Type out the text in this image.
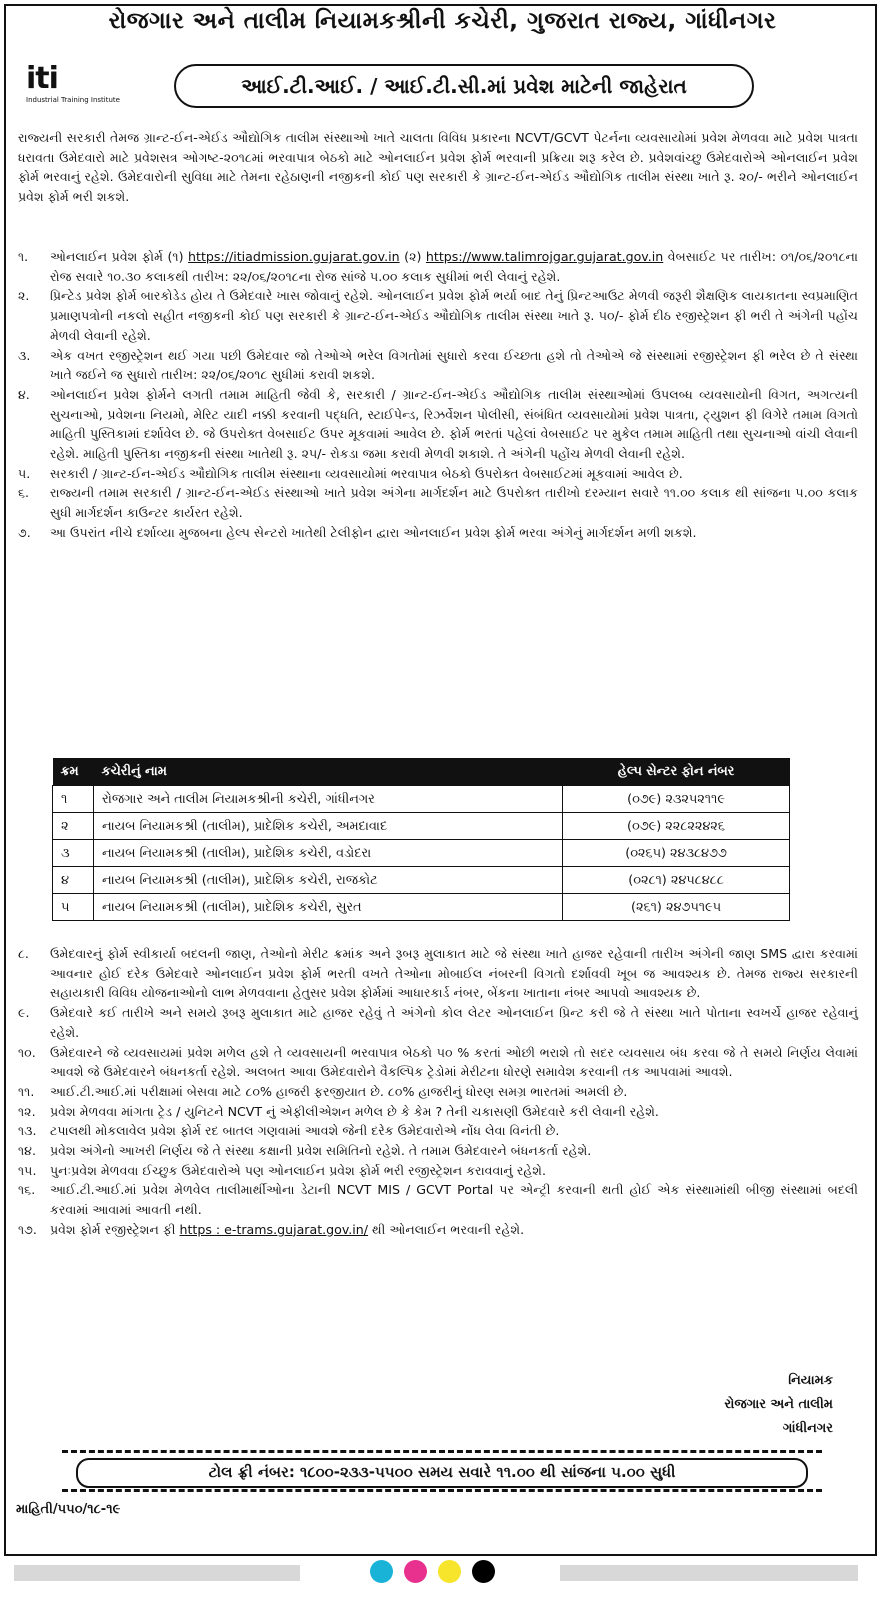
રોજગાર અને તાલીમ નિયામકશ્રીની કચેરી, ગુજરાત રાજ્ય, ગાંધીનગર
iti
Industrial Training Institute
આઈ.ટી.આઈ. / આઈ.ટી.સી.માં પ્રવેશ માટેની જાહેરાત
રાજ્યની સરકારી તેમજ ગ્રાન્ટ-ઈન-એઈડ ઔદ્યોગિક તાલીમ સંસ્થાઓ ખાતે ચાલતા વિવિધ પ્રકારના NCVT/GCVT પેટર્નના વ્યવસાયોમાં પ્રવેશ મેળવવા માટે પ્રવેશ પાત્રતા ધરાવતા ઉમેદવારો માટે પ્રવેશસત્ર ઓગષ્ટ-૨૦૧૮માં ભરવાપાત્ર બેઠકો માટે ઓનલાઈન પ્રવેશ ફોર્મ ભરવાની પ્રક્રિયા શરૂ કરેલ છે. પ્રવેશવાંચ્છુ ઉમેદવારોએ ઓનલાઈન પ્રવેશ ફોર્મ ભરવાનું રહેશે. ઉમેદવારોની સુવિધા માટે તેમના રહેઠાણની નજીકની કોઈ પણ સરકારી કે ગ્રાન્ટ-ઈન-એઈડ ઔદ્યોગિક તાલીમ સંસ્થા ખાતે રૂ. ૨૦/- ભરીને ઓનલાઈન પ્રવેશ ફોર્મ ભરી શકશે.
૧.	ઓનલાઈન પ્રવેશ ફોર્મ (૧) https://itiadmission.gujarat.gov.in (૨) https://www.talimrojgar.gujarat.gov.in વેબસાઈટ પર તારીખ: ૦૧/૦૬/૨૦૧૮ના રોજ સવારે ૧૦.૩૦ કલાકથી તારીખ: ૨૨/૦૬/૨૦૧૮ના રોજ સાંજે ૫.૦૦ કલાક સુધીમાં ભરી લેવાનું રહેશે.
૨.	પ્રિન્ટેડ પ્રવેશ ફોર્મ બારકોડેડ હોય તે ઉમેદવારે ખાસ જોવાનું રહેશે. ઓનલાઈન પ્રવેશ ફોર્મ ભર્યા બાદ તેનું પ્રિન્ટઆઉટ મેળવી જરૂરી શૈક્ષણિક લાયકાતના સ્વપ્રમાણિત પ્રમાણપત્રોની નકલો સહીત નજીકની કોઈ પણ સરકારી કે ગ્રાન્ટ-ઈન-એઈડ ઔદ્યોગિક તાલીમ સંસ્થા ખાતે રૂ. ૫૦/- ફોર્મ દીઠ રજીસ્ટ્રેશન ફી ભરી તે અંગેની પહોંચ મેળવી લેવાની રહેશે.
૩.	એક વખત રજીસ્ટ્રેશન થઈ ગયા પછી ઉમેદવાર જો તેઓએ ભરેલ વિગતોમાં સુધારો કરવા ઈચ્છતા હશે તો તેઓએ જે સંસ્થામાં રજીસ્ટ્રેશન ફી ભરેલ છે તે સંસ્થા ખાતે જઈને જ સુધારો તારીખ: ૨૨/૦૬/૨૦૧૮ સુધીમાં કરાવી શકશે.
૪.	ઓનલાઈન પ્રવેશ ફોર્મને લગતી તમામ માહિતી જેવી કે, સરકારી / ગ્રાન્ટ-ઈન-એઈડ ઔદ્યોગિક તાલીમ સંસ્થાઓમાં ઉપલબ્ધ વ્યવસાયોની વિગત, અગત્યની સુચનાઓ, પ્રવેશના નિયમો, મેરિટ યાદી નક્કી કરવાની પદ્ધતિ, સ્ટાઈપેન્ડ, રિઝર્વેશન પોલીસી, સંબંધિત વ્યવસાયોમાં પ્રવેશ પાત્રતા, ટ્યુશન ફી વિગેરે તમામ વિગતો માહિતી પુસ્તિકામાં દર્શાવેલ છે. જે ઉપરોક્ત વેબસાઈટ ઉપર મૂકવામાં આવેલ છે. ફોર્મ ભરતાં પહેલાં વેબસાઈટ પર મુકેલ તમામ માહિતી તથા સુચનાઓ વાંચી લેવાની રહેશે. માહિતી પુસ્તિકા નજીકની સંસ્થા ખાતેથી રૂ. ૨૫/- રોકડા જમા કરાવી મેળવી શકાશે. તે અંગેની પહોંચ મેળવી લેવાની રહેશે.
૫.	સરકારી / ગ્રાન્ટ-ઈન-એઈડ ઔદ્યોગિક તાલીમ સંસ્થાના વ્યવસાયોમાં ભરવાપાત્ર બેઠકો ઉપરોક્ત વેબસાઈટમાં મૂકવામાં આવેલ છે.
૬.	રાજ્યની તમામ સરકારી / ગ્રાન્ટ-ઈન-એઈડ સંસ્થાઓ ખાતે પ્રવેશ અંગેના માર્ગદર્શન માટે ઉપરોક્ત તારીખો દરમ્યાન સવારે ૧૧.૦૦ કલાક થી સાંજના ૫.૦૦ કલાક સુધી માર્ગદર્શન કાઉન્ટર કાર્યરત રહેશે.
૭.	આ ઉપરાંત નીચે દર્શાવ્યા મુજબના હેલ્પ સેન્ટરો ખાતેથી ટેલીફોન દ્વારા ઓનલાઈન પ્રવેશ ફોર્મ ભરવા અંગેનું માર્ગદર્શન મળી શકશે.
ક્રમ	કચેરીનું નામ	હેલ્પ સેન્ટર ફોન નંબર
૧	રોજગાર અને તાલીમ નિયામકશ્રીની કચેરી, ગાંધીનગર	(૦૭૯) ૨૩૨૫૨૧૧૯
૨	નાયબ નિયામકશ્રી (તાલીમ), પ્રાદેશિક કચેરી, અમદાવાદ	(૦૭૯) ૨૨૮૨૨૪૨૬
૩	નાયબ નિયામકશ્રી (તાલીમ), પ્રાદેશિક કચેરી, વડોદરા	(૦૨૬૫) ૨૪૩૮૪૭૭
૪	નાયબ નિયામકશ્રી (તાલીમ), પ્રાદેશિક કચેરી, રાજકોટ	(૦૨૮૧) ૨૪૫૮૪૮૮
૫	નાયબ નિયામકશ્રી (તાલીમ), પ્રાદેશિક કચેરી, સુરત	(૨૬૧) ૨૪૭૫૧૯૫
૮.	ઉમેદવારનું ફોર્મ સ્વીકાર્યા બદલની જાણ, તેઓનો મેરીટ ક્રમાંક અને રૂબરૂ મુલાકાત માટે જે સંસ્થા ખાતે હાજર રહેવાની તારીખ અંગેની જાણ SMS દ્વારા કરવામાં આવનાર હોઈ દરેક ઉમેદવારે ઓનલાઈન પ્રવેશ ફોર્મ ભરતી વખતે તેઓના મોબાઈલ નંબરની વિગતો દર્શાવવી ખૂબ જ આવશ્યક છે. તેમજ રાજ્ય સરકારની સહાયકારી વિવિધ યોજનાઓનો લાભ મેળવવાના હેતુસર પ્રવેશ ફોર્મમાં આધારકાર્ડ નંબર, બેંકના ખાતાના નંબર આપવો આવશ્યક છે.
૯.	ઉમેદવારે કઈ તારીખે અને સમયે રૂબરૂ મુલાકાત માટે હાજર રહેવું તે અંગેનો કોલ લેટર ઓનલાઈન પ્રિન્ટ કરી જે તે સંસ્થા ખાતે પોતાના સ્વખર્ચે હાજર રહેવાનું રહેશે.
૧૦.	ઉમેદવારને જે વ્યવસાયમાં પ્રવેશ મળેલ હશે તે વ્યવસાયની ભરવાપાત્ર બેઠકો ૫૦ % કરતાં ઓછી ભરાશે તો સદર વ્યવસાય બંધ કરવા જે તે સમયે નિર્ણય લેવામાં આવશે જે ઉમેદવારને બંધનકર્તા રહેશે. અલબત આવા ઉમેદવારોને વૈકલ્પિક ટ્રેડોમાં મેરીટના ધોરણે સમાવેશ કરવાની તક આપવામાં આવશે.
૧૧.	આઈ.ટી.આઈ.માં પરીક્ષામાં બેસવા માટે ૮૦% હાજરી ફરજીયાત છે. ૮૦% હાજરીનું ધોરણ સમગ્ર ભારતમાં અમલી છે.
૧૨.	પ્રવેશ મેળવવા માંગતા ટ્રેડ / યુનિટને NCVT નું એફીલીએશન મળેલ છે કે કેમ ? તેની ચકાસણી ઉમેદવારે કરી લેવાની રહેશે.
૧૩.	ટપાલથી મોકલાવેલ પ્રવેશ ફોર્મ રદ બાતલ ગણવામાં આવશે જેની દરેક ઉમેદવારોએ નોંધ લેવા વિનંતી છે.
૧૪.	પ્રવેશ અંગેનો આખરી નિર્ણય જે તે સંસ્થા કક્ષાની પ્રવેશ સમિતિનો રહેશે. તે તમામ ઉમેદવારને બંધનકર્તા રહેશે.
૧૫.	પુનઃપ્રવેશ મેળવવા ઈચ્છુક ઉમેદવારોએ પણ ઓનલાઈન પ્રવેશ ફોર્મ ભરી રજીસ્ટ્રેશન કરાવવાનું રહેશે.
૧૬.	આઈ.ટી.આઈ.માં પ્રવેશ મેળવેલ તાલીમાર્થીઓના ડેટાની NCVT MIS / GCVT Portal પર એન્ટ્રી કરવાની થતી હોઈ એક સંસ્થામાંથી બીજી સંસ્થામાં બદલી કરવામાં આવામાં આવતી નથી.
૧૭.	પ્રવેશ ફોર્મ રજીસ્ટ્રેશન ફી https : e-trams.gujarat.gov.in/ થી ઓનલાઈન ભરવાની રહેશે.
નિયામક
રોજગાર અને તાલીમ
ગાંધીનગર
ટોલ ફ્રી નંબર: ૧૮૦૦-૨૩૩-૫૫૦૦ સમય સવારે ૧૧.૦૦ થી સાંજના ૫.૦૦ સુધી
માહિતી/૫૫૦/૧૮-૧૯
